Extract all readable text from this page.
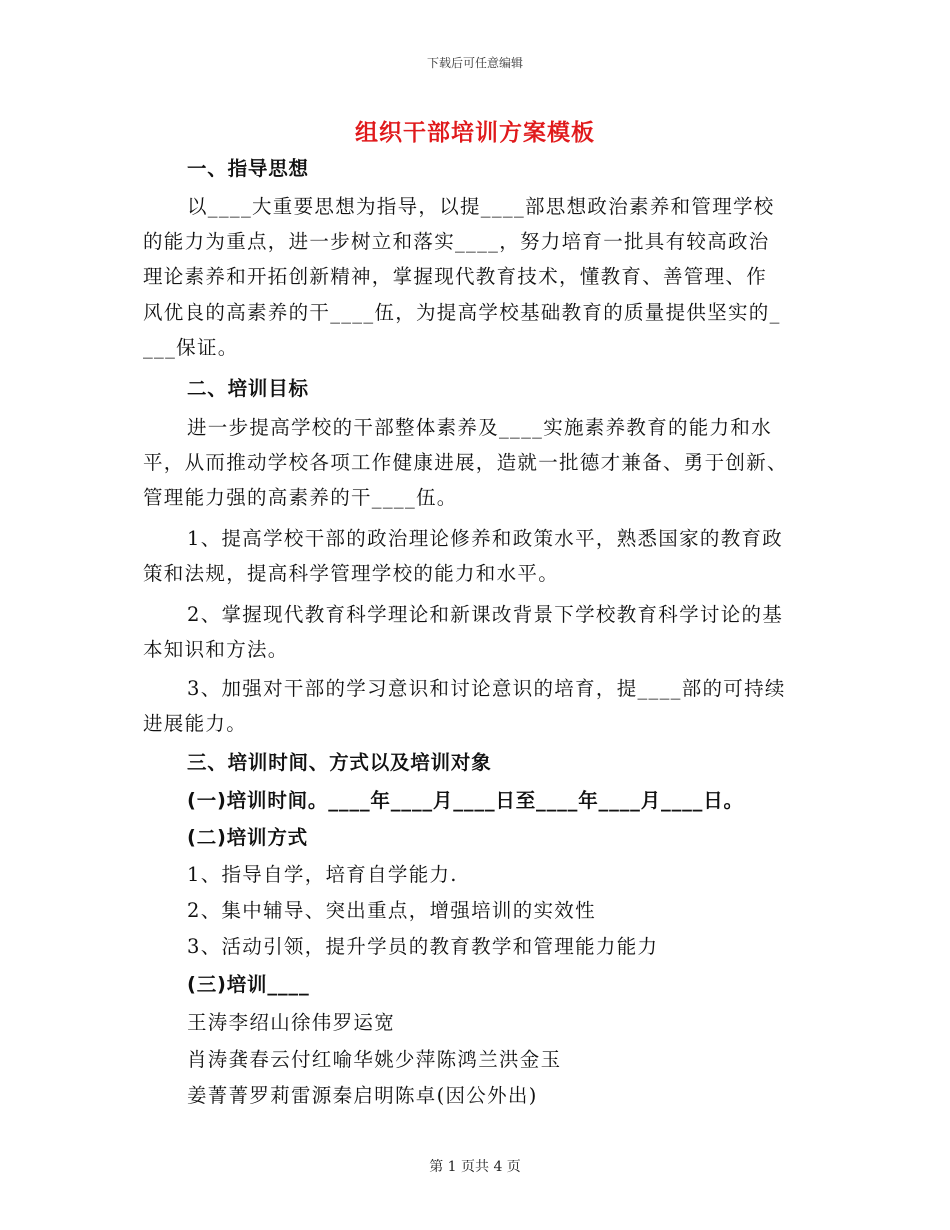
下载后可任意编辑
组织干部培训方案模板

一、指导思想

以____大重要思想为指导，以提____部思想政治素养和管理学校

的能力为重点，进一步树立和落实____，努力培育一批具有较高政治

理论素养和开拓创新精神，掌握现代教育技术，懂教育、善管理、作

风优良的高素养的干____伍，为提高学校基础教育的质量提供坚实的_

___保证。

二、培训目标

进一步提高学校的干部整体素养及____实施素养教育的能力和水

平，从而推动学校各项工作健康进展，造就一批德才兼备、勇于创新、

管理能力强的高素养的干____伍。

1、提高学校干部的政治理论修养和政策水平，熟悉国家的教育政

策和法规，提高科学管理学校的能力和水平。

2、掌握现代教育科学理论和新课改背景下学校教育科学讨论的基

本知识和方法。

3、加强对干部的学习意识和讨论意识的培育，提____部的可持续

进展能力。

三、培训时间、方式以及培训对象

(一)培训时间。____年____月____日至____年____月____日。

(二)培训方式

1、指导自学，培育自学能力.

2、集中辅导、突出重点，增强培训的实效性

3、活动引领，提升学员的教育教学和管理能力能力

(三)培训____

王涛李绍山徐伟罗运宽

肖涛龚春云付红喻华姚少萍陈鸿兰洪金玉

姜菁菁罗莉雷源秦启明陈卓(因公外出)

第 1 页共 4 页
